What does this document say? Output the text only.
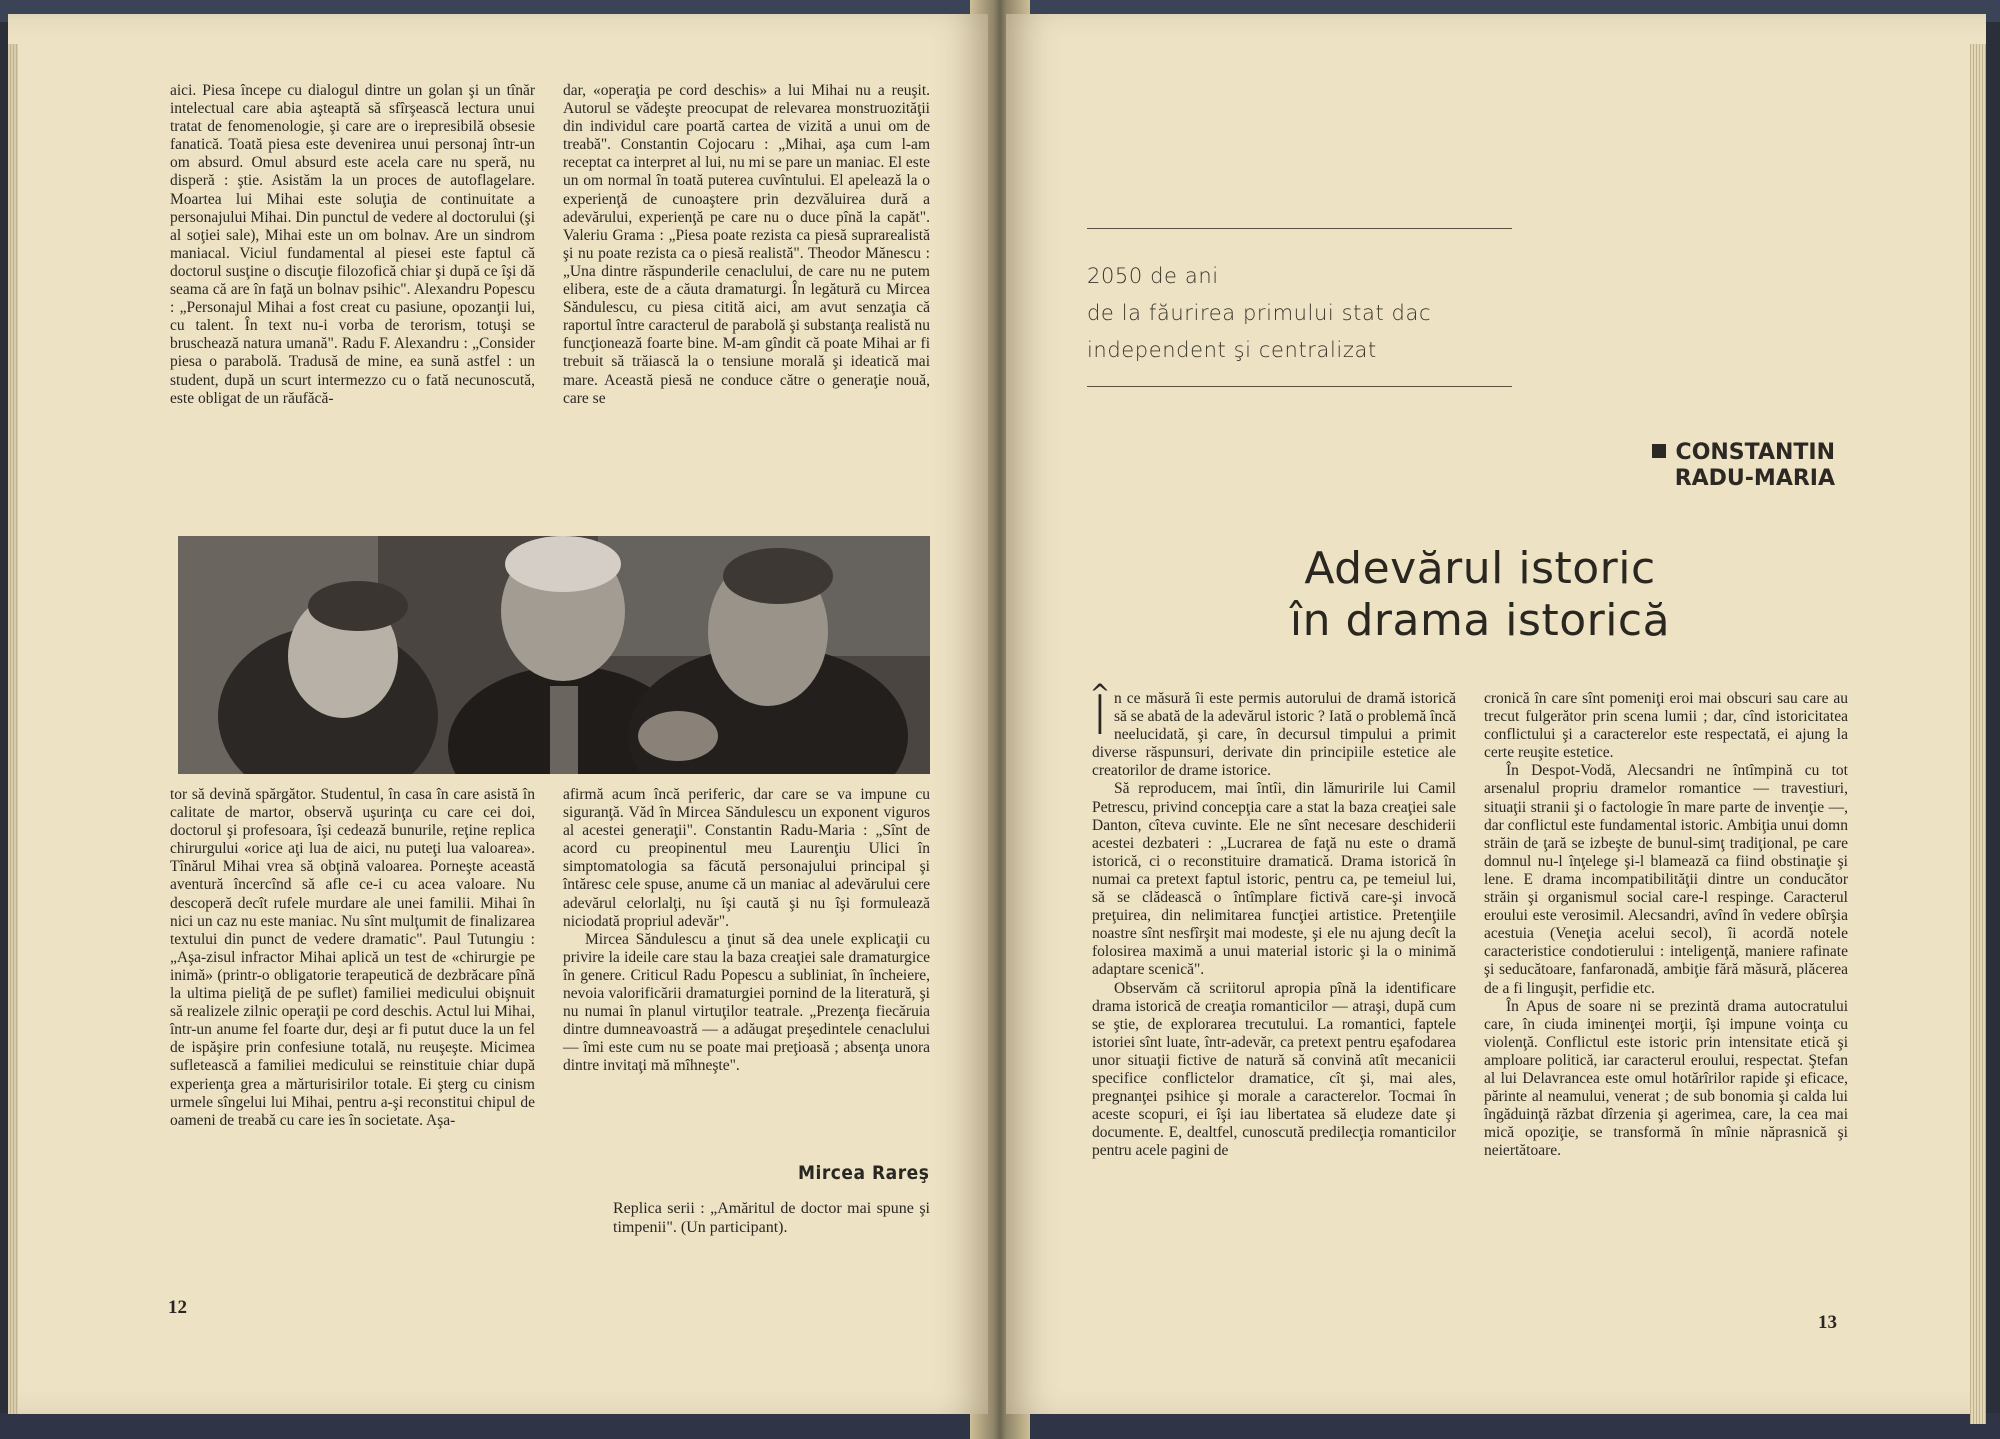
aici. Piesa începe cu dialogul dintre un golan şi un tînăr intelectual care abia aşteaptă să sfîrşească lectura unui tratat de fenomenologie, şi care are o irepresibilă obsesie fanatică. Toată piesa este devenirea unui personaj într-un om absurd. Omul absurd este acela care nu speră, nu disperă : ştie. Asistăm la un proces de autoflagelare. Moartea lui Mihai este soluţia de continuitate a personajului Mihai. Din punctul de vedere al doctorului (şi al soţiei sale), Mihai este un om bolnav. Are un sindrom maniacal. Viciul fundamental al piesei este faptul că doctorul susţine o discuţie filozofică chiar şi după ce îşi dă seama că are în faţă un bolnav psihic". Alexandru Popescu : „Personajul Mihai a fost creat cu pasiune, opozanţii lui, cu talent. În text nu-i vorba de terorism, totuşi se bruschează natura umană". Radu F. Alexandru : „Consider piesa o parabolă. Tradusă de mine, ea sună astfel : un student, după un scurt intermezzo cu o fată necunoscută, este obligat de un răufăcă-

dar, «operaţia pe cord deschis» a lui Mihai nu a reuşit. Autorul se vădeşte preocupat de relevarea monstruozităţii din individul care poartă cartea de vizită a unui om de treabă". Constantin Cojocaru : „Mihai, aşa cum l-am receptat ca interpret al lui, nu mi se pare un maniac. El este un om normal în toată puterea cuvîntului. El apelează la o experienţă de cunoaştere prin dezvăluirea dură a adevărului, experienţă pe care nu o duce pînă la capăt". Valeriu Grama : „Piesa poate rezista ca piesă suprarealistă şi nu poate rezista ca o piesă realistă". Theodor Mănescu : „Una dintre răspunderile cenaclului, de care nu ne putem elibera, este de a căuta dramaturgi. În legătură cu Mircea Săndulescu, cu piesa citită aici, am avut senzaţia că raportul între caracterul de parabolă şi substanţa realistă nu funcţionează foarte bine. M-am gîndit că poate Mihai ar fi trebuit să trăiască la o tensiune morală şi ideatică mai mare. Această piesă ne conduce către o generaţie nouă, care se

tor să devină spărgător. Studentul, în casa în care asistă în calitate de martor, observă uşurinţa cu care cei doi, doctorul şi profesoara, îşi cedează bunurile, reţine replica chirurgului «orice aţi lua de aici, nu puteţi lua valoarea». Tînărul Mihai vrea să obţină valoarea. Porneşte această aventură încercînd să afle ce-i cu acea valoare. Nu descoperă decît rufele murdare ale unei familii. Mihai în nici un caz nu este maniac. Nu sînt mulţumit de finalizarea textului din punct de vedere dramatic". Paul Tutungiu : „Aşa-zisul infractor Mihai aplică un test de «chirurgie pe inimă» (printr-o obligatorie terapeutică de dezbrăcare pînă la ultima pieliţă de pe suflet) familiei medicului obişnuit să realizele zilnic operaţii pe cord deschis. Actul lui Mihai, într-un anume fel foarte dur, deşi ar fi putut duce la un fel de ispăşire prin confesiune totală, nu reuşeşte. Micimea sufletească a familiei medicului se reinstituie chiar după experienţa grea a mărturisirilor totale. Ei şterg cu cinism urmele sîngelui lui Mihai, pentru a-şi reconstitui chipul de oameni de treabă cu care ies în societate. Aşa-

afirmă acum încă periferic, dar care se va impune cu siguranţă. Văd în Mircea Săndulescu un exponent viguros al acestei generaţii". Constantin Radu-Maria : „Sînt de acord cu preopinentul meu Laurenţiu Ulici în simptomatologia sa făcută personajului principal şi întăresc cele spuse, anume că un maniac al adevărului cere adevărul celorlalţi, nu îşi caută şi nu îşi formulează niciodată propriul adevăr".

Mircea Săndulescu a ţinut să dea unele explicaţii cu privire la ideile care stau la baza creaţiei sale dramaturgice în genere. Criticul Radu Popescu a subliniat, în încheiere, nevoia valorificării dramaturgiei pornind de la literatură, şi nu numai în planul virtuţilor teatrale. „Prezenţa fiecăruia dintre dumneavoastră — a adăugat preşedintele cenaclului — îmi este cum nu se poate mai preţioasă ; absenţa unora dintre invitaţi mă mîhneşte".

Mircea Rareş

Replica serii : „Amăritul de doctor mai spune şi timpenii". (Un participant).

12
2050 de ani
de la făurirea primului stat dac
independent şi centralizat
CONSTANTIN
RADU-MARIA
Adevărul istoric
în drama istorică

În ce măsură îi este permis autorului de dramă istorică să se abată de la adevărul istoric ? Iată o problemă încă neelucidată, şi care, în decursul timpului a primit diverse răspunsuri, derivate din principiile estetice ale creatorilor de drame istorice.

Să reproducem, mai întîi, din lămuririle lui Camil Petrescu, privind concepţia care a stat la baza creaţiei sale Danton, cîteva cuvinte. Ele ne sînt necesare deschiderii acestei dezbateri : „Lucrarea de faţă nu este o dramă istorică, ci o reconstituire dramatică. Drama istorică în numai ca pretext faptul istoric, pentru ca, pe temeiul lui, să se clădească o întîmplare fictivă care-şi invocă preţuirea, din nelimitarea funcţiei artistice. Pretenţiile noastre sînt nesfîrşit mai modeste, şi ele nu ajung decît la folosirea maximă a unui material istoric şi la o minimă adaptare scenică".

Observăm că scriitorul apropia pînă la identificare drama istorică de creaţia romanticilor — atraşi, după cum se ştie, de explorarea trecutului. La romantici, faptele istoriei sînt luate, într-adevăr, ca pretext pentru eşafodarea unor situaţii fictive de natură să convină atît mecanicii specifice conflictelor dramatice, cît şi, mai ales, pregnanţei psihice şi morale a caracterelor. Tocmai în aceste scopuri, ei îşi iau libertatea să eludeze date şi documente. E, dealtfel, cunoscută predilecţia romanticilor pentru acele pagini de

cronică în care sînt pomeniţi eroi mai obscuri sau care au trecut fulgerător prin scena lumii ; dar, cînd istoricitatea conflictului şi a caracterelor este respectată, ei ajung la certe reuşite estetice.

În Despot-Vodă, Alecsandri ne întîmpină cu tot arsenalul propriu dramelor romantice — travestiuri, situaţii stranii şi o factologie în mare parte de invenţie —, dar conflictul este fundamental istoric. Ambiţia unui domn străin de ţară se izbeşte de bunul-simţ tradiţional, pe care domnul nu-l înţelege şi-l blamează ca fiind obstinaţie şi lene. E drama incompatibilităţii dintre un conducător străin şi organismul social care-l respinge. Caracterul eroului este verosimil. Alecsandri, avînd în vedere obîrşia acestuia (Veneţia acelui secol), îi acordă notele caracteristice condotierului : inteligenţă, maniere rafinate şi seducătoare, fanfaronadă, ambiţie fără măsură, plăcerea de a fi linguşit, perfidie etc.

În Apus de soare ni se prezintă drama autocratului care, în ciuda iminenţei morţii, îşi impune voinţa cu violenţă. Conflictul este istoric prin intensitate etică şi amploare politică, iar caracterul eroului, respectat. Ştefan al lui Delavrancea este omul hotărîrilor rapide şi eficace, părinte al neamului, venerat ; de sub bonomia şi calda lui îngăduinţă răzbat dîrzenia şi agerimea, care, la cea mai mică opoziţie, se transformă în mînie năprasnică şi neiertătoare.

13
